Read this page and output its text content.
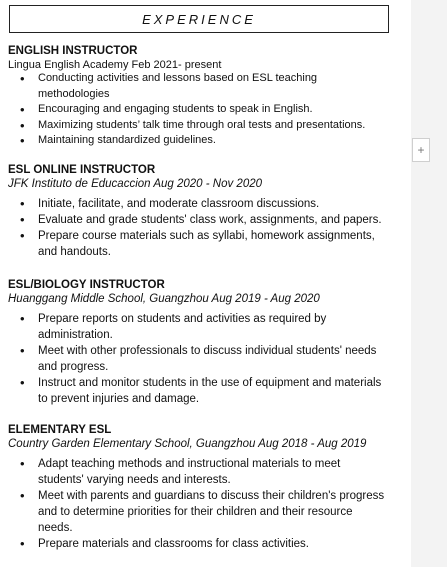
EXPERIENCE
ENGLISH INSTRUCTOR
Lingua English Academy Feb 2021- present
• Conducting activities and lessons based on ESL teaching methodologies
• Encouraging and engaging students to speak in English.
• Maximizing students’ talk time through oral tests and presentations.
• Maintaining standardized guidelines.
ESL ONLINE INSTRUCTOR
JFK Instituto de Educaccion Aug 2020 - Nov 2020
• Initiate, facilitate, and moderate classroom discussions.
• Evaluate and grade students' class work, assignments, and papers.
• Prepare course materials such as syllabi, homework assignments, and handouts.
ESL/BIOLOGY INSTRUCTOR
Huanggang Middle School, Guangzhou Aug 2019 - Aug 2020
• Prepare reports on students and activities as required by administration.
• Meet with other professionals to discuss individual students' needs and progress.
• Instruct and monitor students in the use of equipment and materials to prevent injuries and damage.
ELEMENTARY ESL
Country Garden Elementary School, Guangzhou Aug 2018 - Aug 2019
• Adapt teaching methods and instructional materials to meet students' varying needs and interests.
• Meet with parents and guardians to discuss their children's progress and to determine priorities for their children and their resource needs.
• Prepare materials and classrooms for class activities.
+
